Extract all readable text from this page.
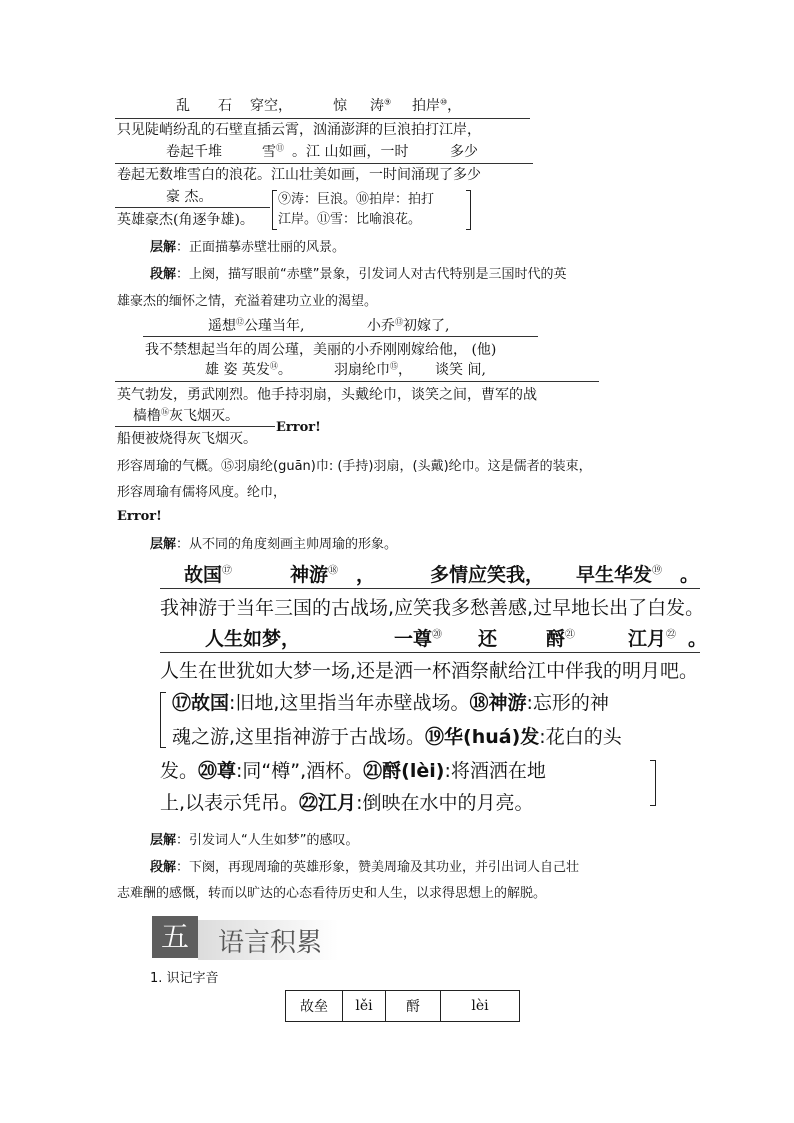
乱 石 穿空，	惊 涛⑨ 拍岸⑩，
只见陡峭纷乱的石壁直插云霄，汹涌澎湃的巨浪拍打江岸，
卷起千堆	雪⑪ 。江 山如画，一时	多少
卷起无数堆雪白的浪花。江山壮美如画，一时间涌现了多少
豪 杰。
英雄豪杰(角逐争雄)。
⑨涛：巨浪。⑩拍岸：拍打
江岸。⑪雪：比喻浪花。
层解：正面描摹赤壁壮丽的风景。
段解：上阕，描写眼前“赤壁”景象，引发词人对古代特别是三国时代的英
雄豪杰的缅怀之情，充溢着建功立业的渴望。
遥想⑫公瑾当年,	小乔⑬初嫁了,
我不禁想起当年的周公瑾，美丽的小乔刚刚嫁给他， (他)
雄 姿 英发⑭。	羽扇纶巾⑮， 谈笑 间,
英气勃发，勇武刚烈。他手持羽扇，头戴纶巾，谈笑之间，曹军的战
樯橹⑯灰飞烟灭。
船便被烧得灰飞烟灭。
Error!
形容周瑜的气概。⑮羽扇纶(guān)巾: (手持)羽扇，(头戴)纶巾。这是儒者的装束，
形容周瑜有儒将风度。纶巾，
Error!
层解：从不同的角度刻画主帅周瑜的形象。
故国⑰	神游⑱ ，	多情应笑我， 早生华发⑲ 。
我神游于当年三国的古战场,应笑我多愁善感,过早地长出了白发。
人生如梦，	一尊⑳ 还	酹$^㉑$	江月$^㉒$ 。
人生在世犹如大梦一场,还是洒一杯酒祭献给江中伴我的明月吧。
⑰故国:旧地,这里指当年赤壁战场。⑱神游:忘形的神
魂之游,这里指神游于古战场。⑲华(huá)发:花白的头
发。⑳尊:同“樽”,酒杯。㉑酹(lèi):将酒洒在地
上,以表示凭吊。㉒江月:倒映在水中的月亮。
层解：引发词人“人生如梦”的感叹。
段解：下阕，再现周瑜的英雄形象，赞美周瑜及其功业，并引出词人自己壮
志难酬的感慨，转而以旷达的心态看待历史和人生，以求得思想上的解脱。
五	语言积累
1. 识记字音
故垒	lěi	酹	lèi
